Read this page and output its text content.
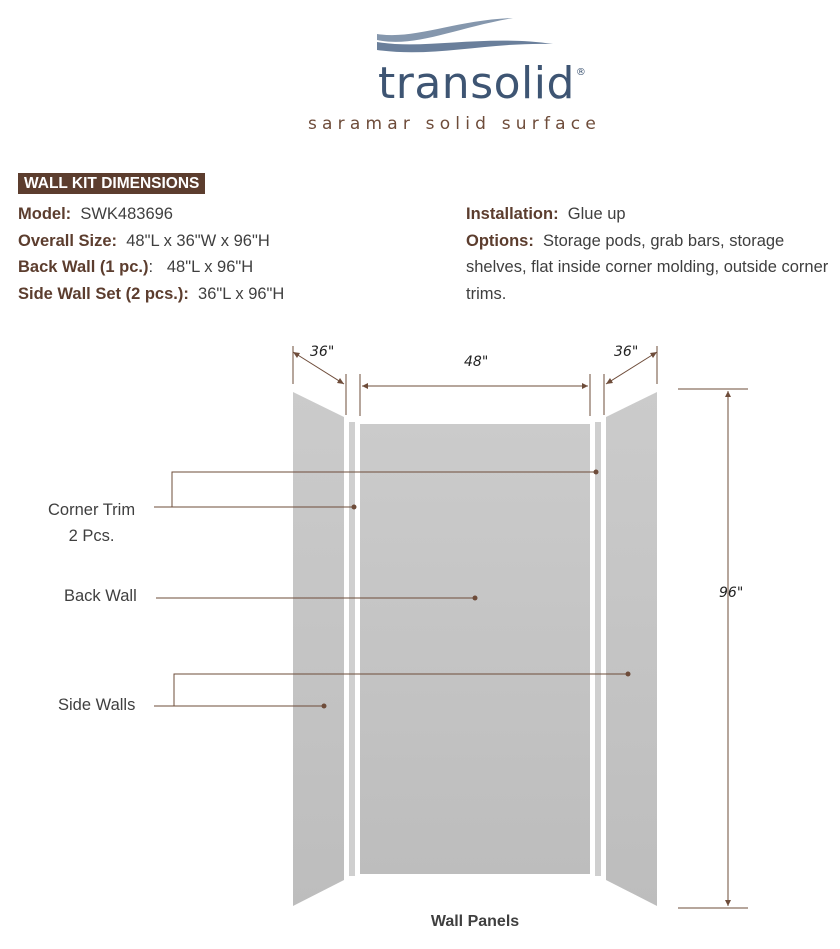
transolid®
saramar solid surface
WALL KIT DIMENSIONS
Model: SWK483696
Overall Size: 48"L x 36"W x 96"H
Back Wall (1 pc.):   48"L x 96"H
Side Wall Set (2 pcs.): 36"L x 96"H
Installation: Glue up
Options: Storage pods, grab bars, storage shelves, flat inside corner molding, outside corner trims.
36"
48"
36"
96"
Corner Trim
2 Pcs.
Back Wall
Side Walls
Wall Panels
